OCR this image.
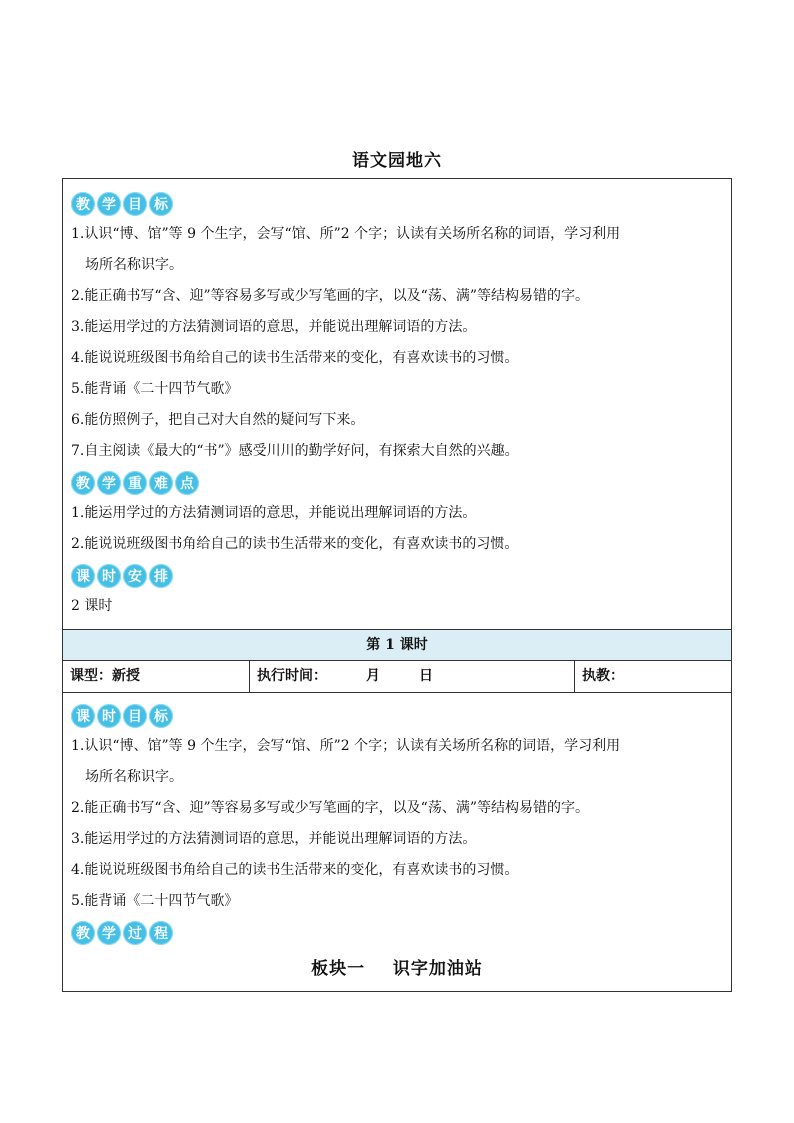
语文园地六
教 学 目 标
1.认识“博、馆”等 9 个生字，会写“馆、所”2 个字；认读有关场所名称的词语，学习利用

场所名称识字。
2.能正确书写“含、迎”等容易多写或少写笔画的字，以及“荡、满”等结构易错的字。
3.能运用学过的方法猜测词语的意思，并能说出理解词语的方法。
4.能说说班级图书角给自己的读书生活带来的变化，有喜欢读书的习惯。
5.能背诵《二十四节气歌》
6.能仿照例子，把自己对大自然的疑问写下来。
7.自主阅读《最大的“书”》感受川川的勤学好问，有探索大自然的兴趣。
教 学 重 难 点
1.能运用学过的方法猜测词语的意思，并能说出理解词语的方法。
2.能说说班级图书角给自己的读书生活带来的变化，有喜欢读书的习惯。
课 时 安 排
2 课时
第 1 课时
课型：新授	执行时间：        月        日	执教：
课 时 目 标
1.认识“博、馆”等 9 个生字，会写“馆、所”2 个字；认读有关场所名称的词语，学习利用

场所名称识字。
2.能正确书写“含、迎”等容易多写或少写笔画的字，以及“荡、满”等结构易错的字。
3.能运用学过的方法猜测词语的意思，并能说出理解词语的方法。
4.能说说班级图书角给自己的读书生活带来的变化，有喜欢读书的习惯。
5.能背诵《二十四节气歌》
教 学 过 程
板块一    识字加油站
